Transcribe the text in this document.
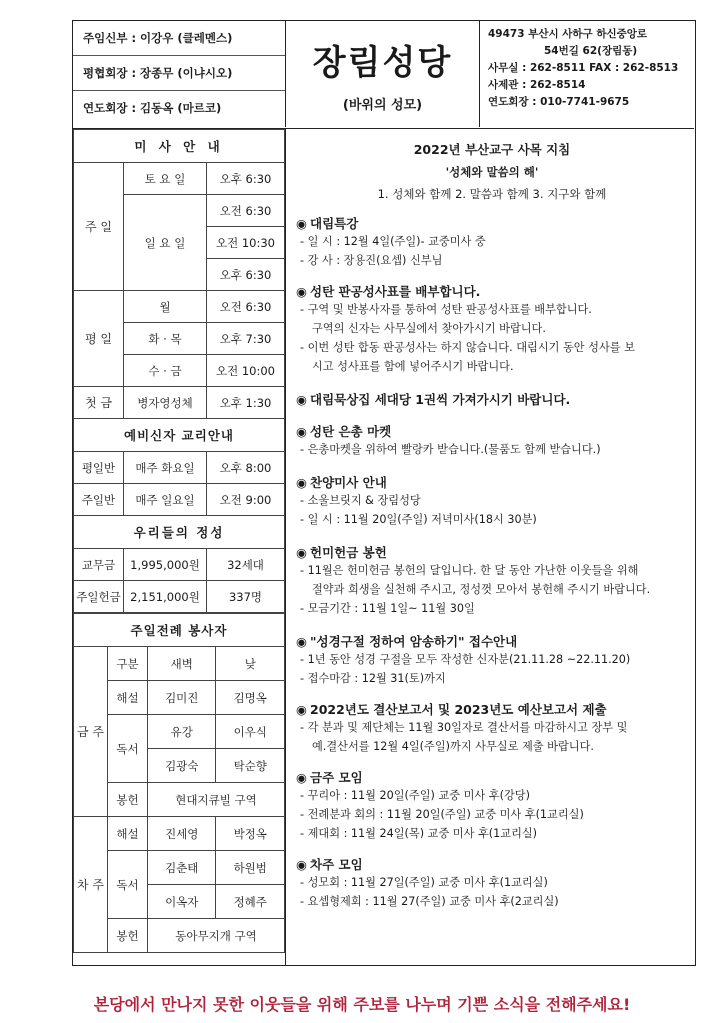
주임신부 : 이강우 (클레멘스)
평협회장 : 장종무 (이냐시오)
연도회장 : 김동옥 (마르코)
장림성당
(바위의 성모)
49473 부산시 사하구 하신중앙로
54번길 62(장림동)
사무실 : 262-8511 FAX : 262-8513
사제관 : 262-8514
연도회장 : 010-7741-9675
미 사 안 내		
주 일	토 요 일	오후 6:30
	일 요 일	오전 6:30
		오전 10:30
		오후 6:30
평 일	월	오전 6:30
	화 · 목	오후 7:30
	수 · 금	오전 10:00
첫 금	병자영성체	오후 1:30
예비신자 교리안내		
평일반	매주 화요일	오후 8:00
주일반	매주 일요일	오전 9:00
우리들의 정성		
교무금	1,995,000원	32세대
주일헌금	2,151,000원	337명
주일전례 봉사자			
금 주	구분	새벽	낮
	해설	김미진	김명옥
	독서	유강	이우식
		김광숙	탁순향
	봉헌	현대지큐빌 구역	

차 주	해설	진세영	박정옥
	독서	김춘태	하원범
		이옥자	정혜주
	봉헌	동아무지개 구역	
2022년 부산교구 사목 지침
'성체와 말씀의 해'
1. 성체와 함께 2. 말씀과 함께 3. 지구와 함께
◉ 대림특강
- 일 시 : 12월 4일(주일)- 교중미사 중
- 강 사 : 장용진(요셉) 신부님
◉ 성탄 판공성사표를 배부합니다.
- 구역 및 반봉사자를 통하여 성탄 판공성사표를 배부합니다.
구역의 신자는 사무실에서 찾아가시기 바랍니다.
- 이번 성탄 합동 판공성사는 하지 않습니다. 대림시기 동안 성사를 보
시고 성사표를 함에 넣어주시기 바랍니다.
◉ 대림묵상집 세대당 1권씩 가져가시기 바랍니다.
◉ 성탄 은총 마켓
- 은총마켓을 위하여 빨랑카 받습니다.(물품도 함께 받습니다.)
◉ 찬양미사 안내
- 소울브릿지 & 장림성당
- 일 시 : 11월 20일(주일) 저녁미사(18시 30분)
◉ 헌미헌금 봉헌
- 11월은 헌미헌금 봉헌의 달입니다. 한 달 동안 가난한 이웃들을 위해
절약과 희생을 실천해 주시고, 정성껏 모아서 봉헌해 주시기 바랍니다.
- 모금기간 : 11월 1일~ 11월 30일
◉ "성경구절 정하여 암송하기" 접수안내
- 1년 동안 성경 구절을 모두 작성한 신자분(21.11.28 ~22.11.20)
- 접수마감 : 12월 31(토)까지
◉ 2022년도 결산보고서 및 2023년도 예산보고서 제출
- 각 분과 및 제단체는 11월 30일자로 결산서를 마감하시고 장부 및
예.결산서를 12월 4일(주일)까지 사무실로 제출 바랍니다.
◉ 금주 모임
- 꾸리아 : 11월 20일(주일) 교중 미사 후(강당)
- 전례분과 회의 : 11월 20일(주일) 교중 미사 후(1교리실)
- 제대회 : 11월 24일(목) 교중 미사 후(1교리실)
◉ 차주 모임
- 성모회 : 11월 27일(주일) 교중 미사 후(1교리실)
- 요셉형제회 : 11월 27(주일) 교중 미사 후(2교리실)
본당에서 만나지 못한 이웃들을 위해 주보를 나누며 기쁜 소식을 전해주세요!
